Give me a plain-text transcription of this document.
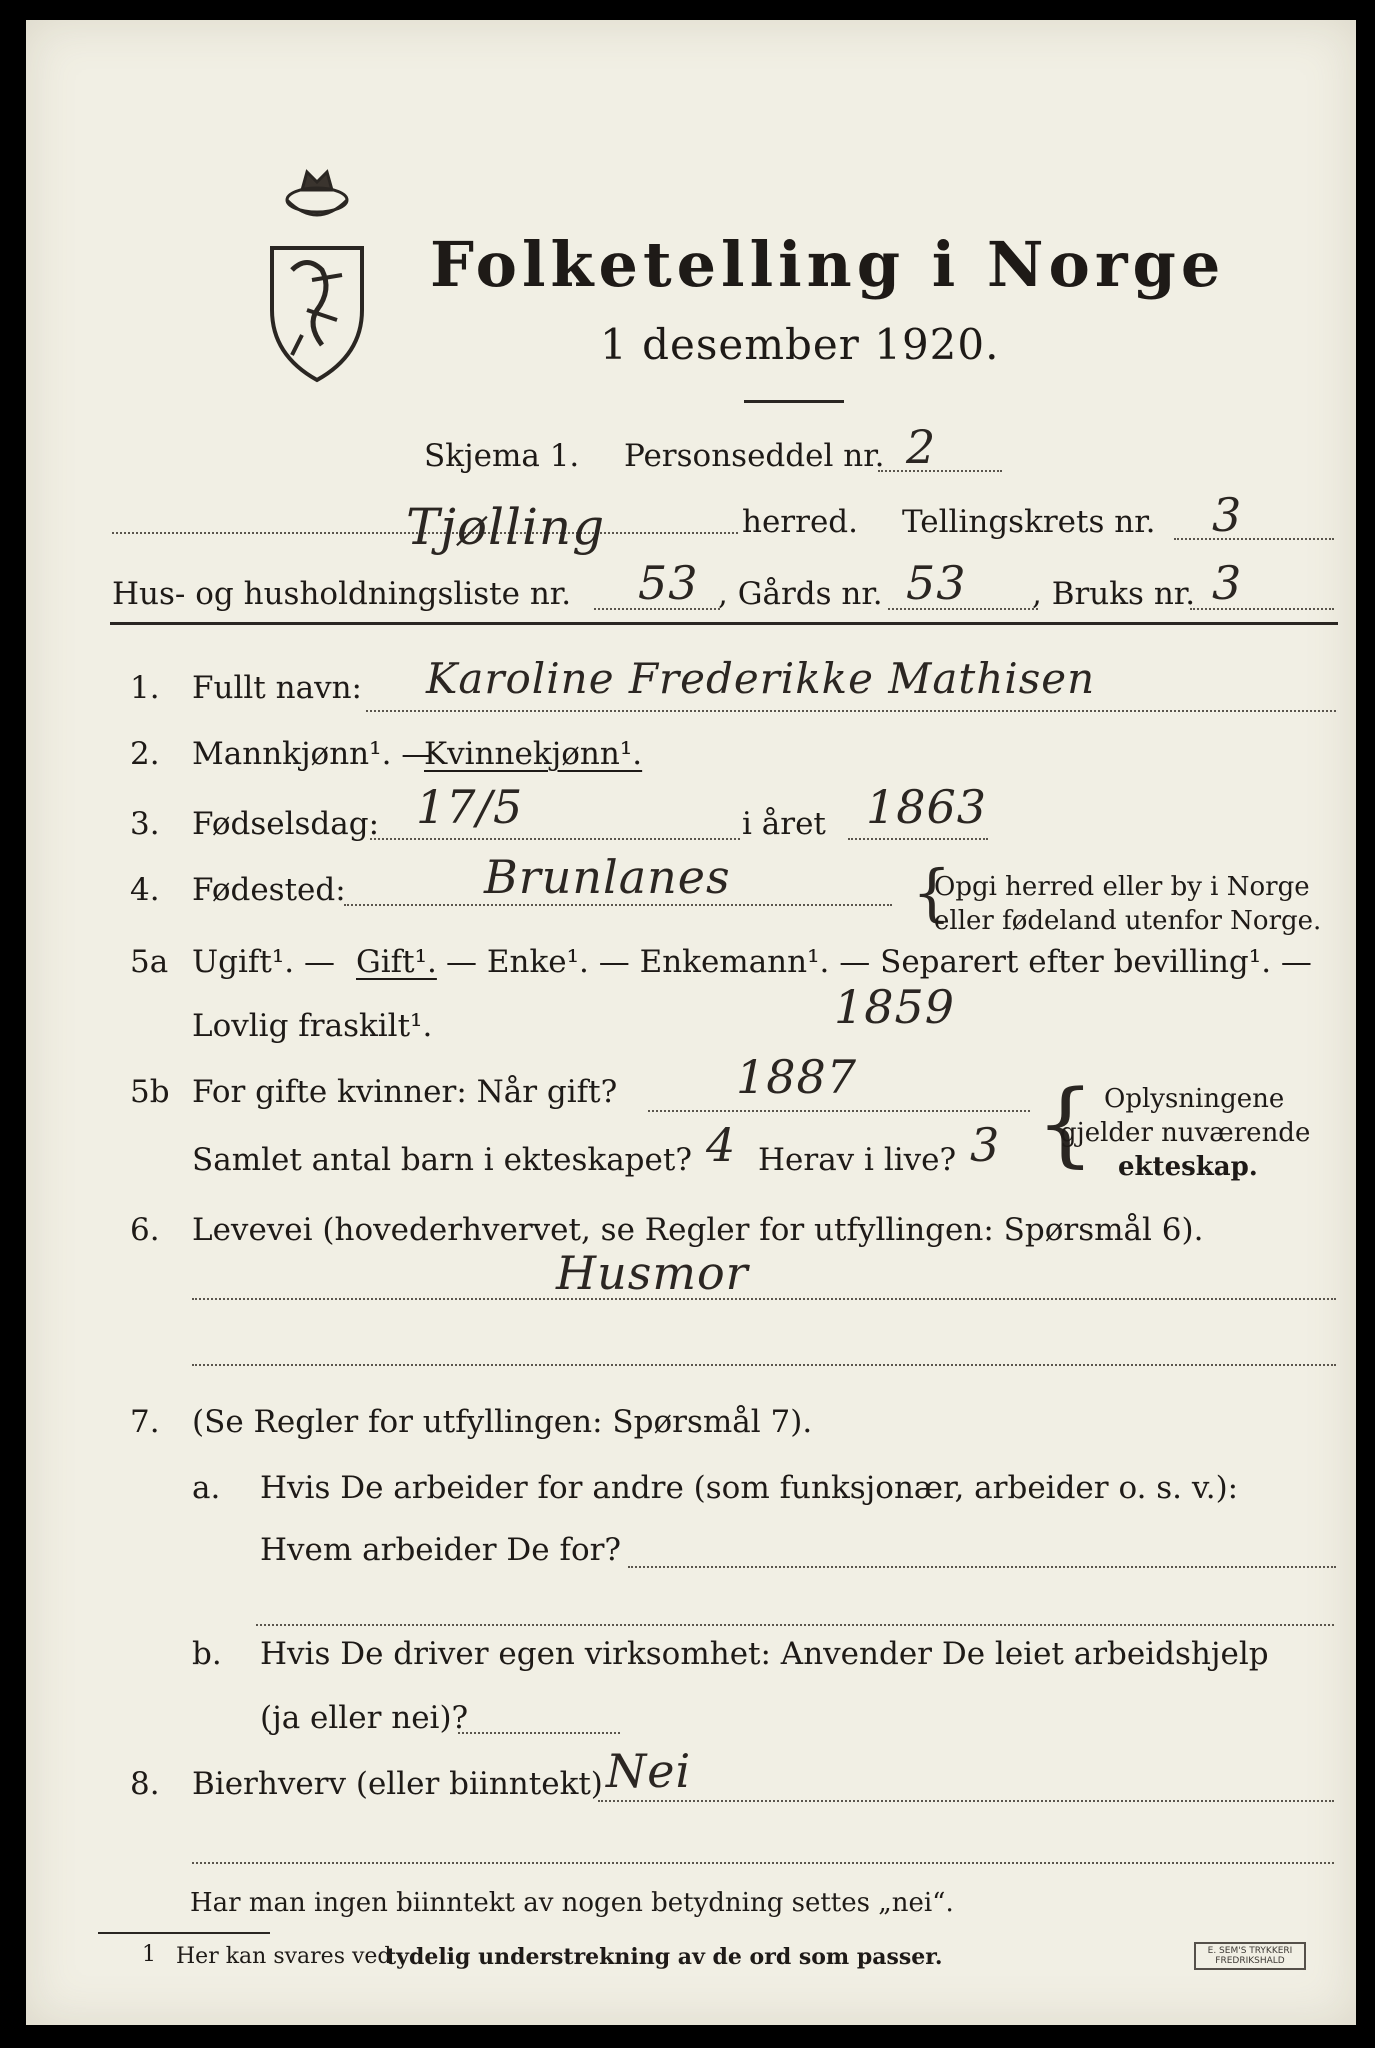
Folketelling i Norge
1 desember 1920.
Skjema 1. Personseddel nr. 2
Tjølling	herred. Tellingskrets nr. 3
Hus- og husholdningsliste nr. 53 , Gårds nr. 53 , Bruks nr. 3
1. Fullt navn: Karoline Frederikke Mathisen
2. Mannkjønn¹. —
Kvinnekjønn¹.
3. Fødselsdag: 17/5	i året 1863
4. Fødested:	Brunlanes	{
Opgi herred eller by i Norge
eller fødeland utenfor Norge.
5a Ugift¹. — Gift¹. — Enke¹. — Enkemann¹. — Separert efter bevilling¹. —
Lovlig fraskilt¹.	1859
5b For gifte kvinner: Når gift?	1887
Samlet antal barn i ekteskapet? 4 Herav i live? 3 { Oplysningene
gjelder nuværende
ekteskap.
6. Levevei (hovederhvervet, se Regler for utfyllingen: Spørsmål 6).
Husmor
7. (Se Regler for utfyllingen: Spørsmål 7).
a. Hvis De arbeider for andre (som funksjonær, arbeider o. s. v.):
Hvem arbeider De for?
b. Hvis De driver egen virksomhet: Anvender De leiet arbeidshjelp
(ja eller nei)?
8. Bierhverv (eller biinntekt) Nei
Har man ingen biinntekt av nogen betydning settes „nei“.
1 Her kan svares ved
tydelig understrekning av de ord som passer.	E. SEM'S TRYKKERI
FREDRIKSHALD
